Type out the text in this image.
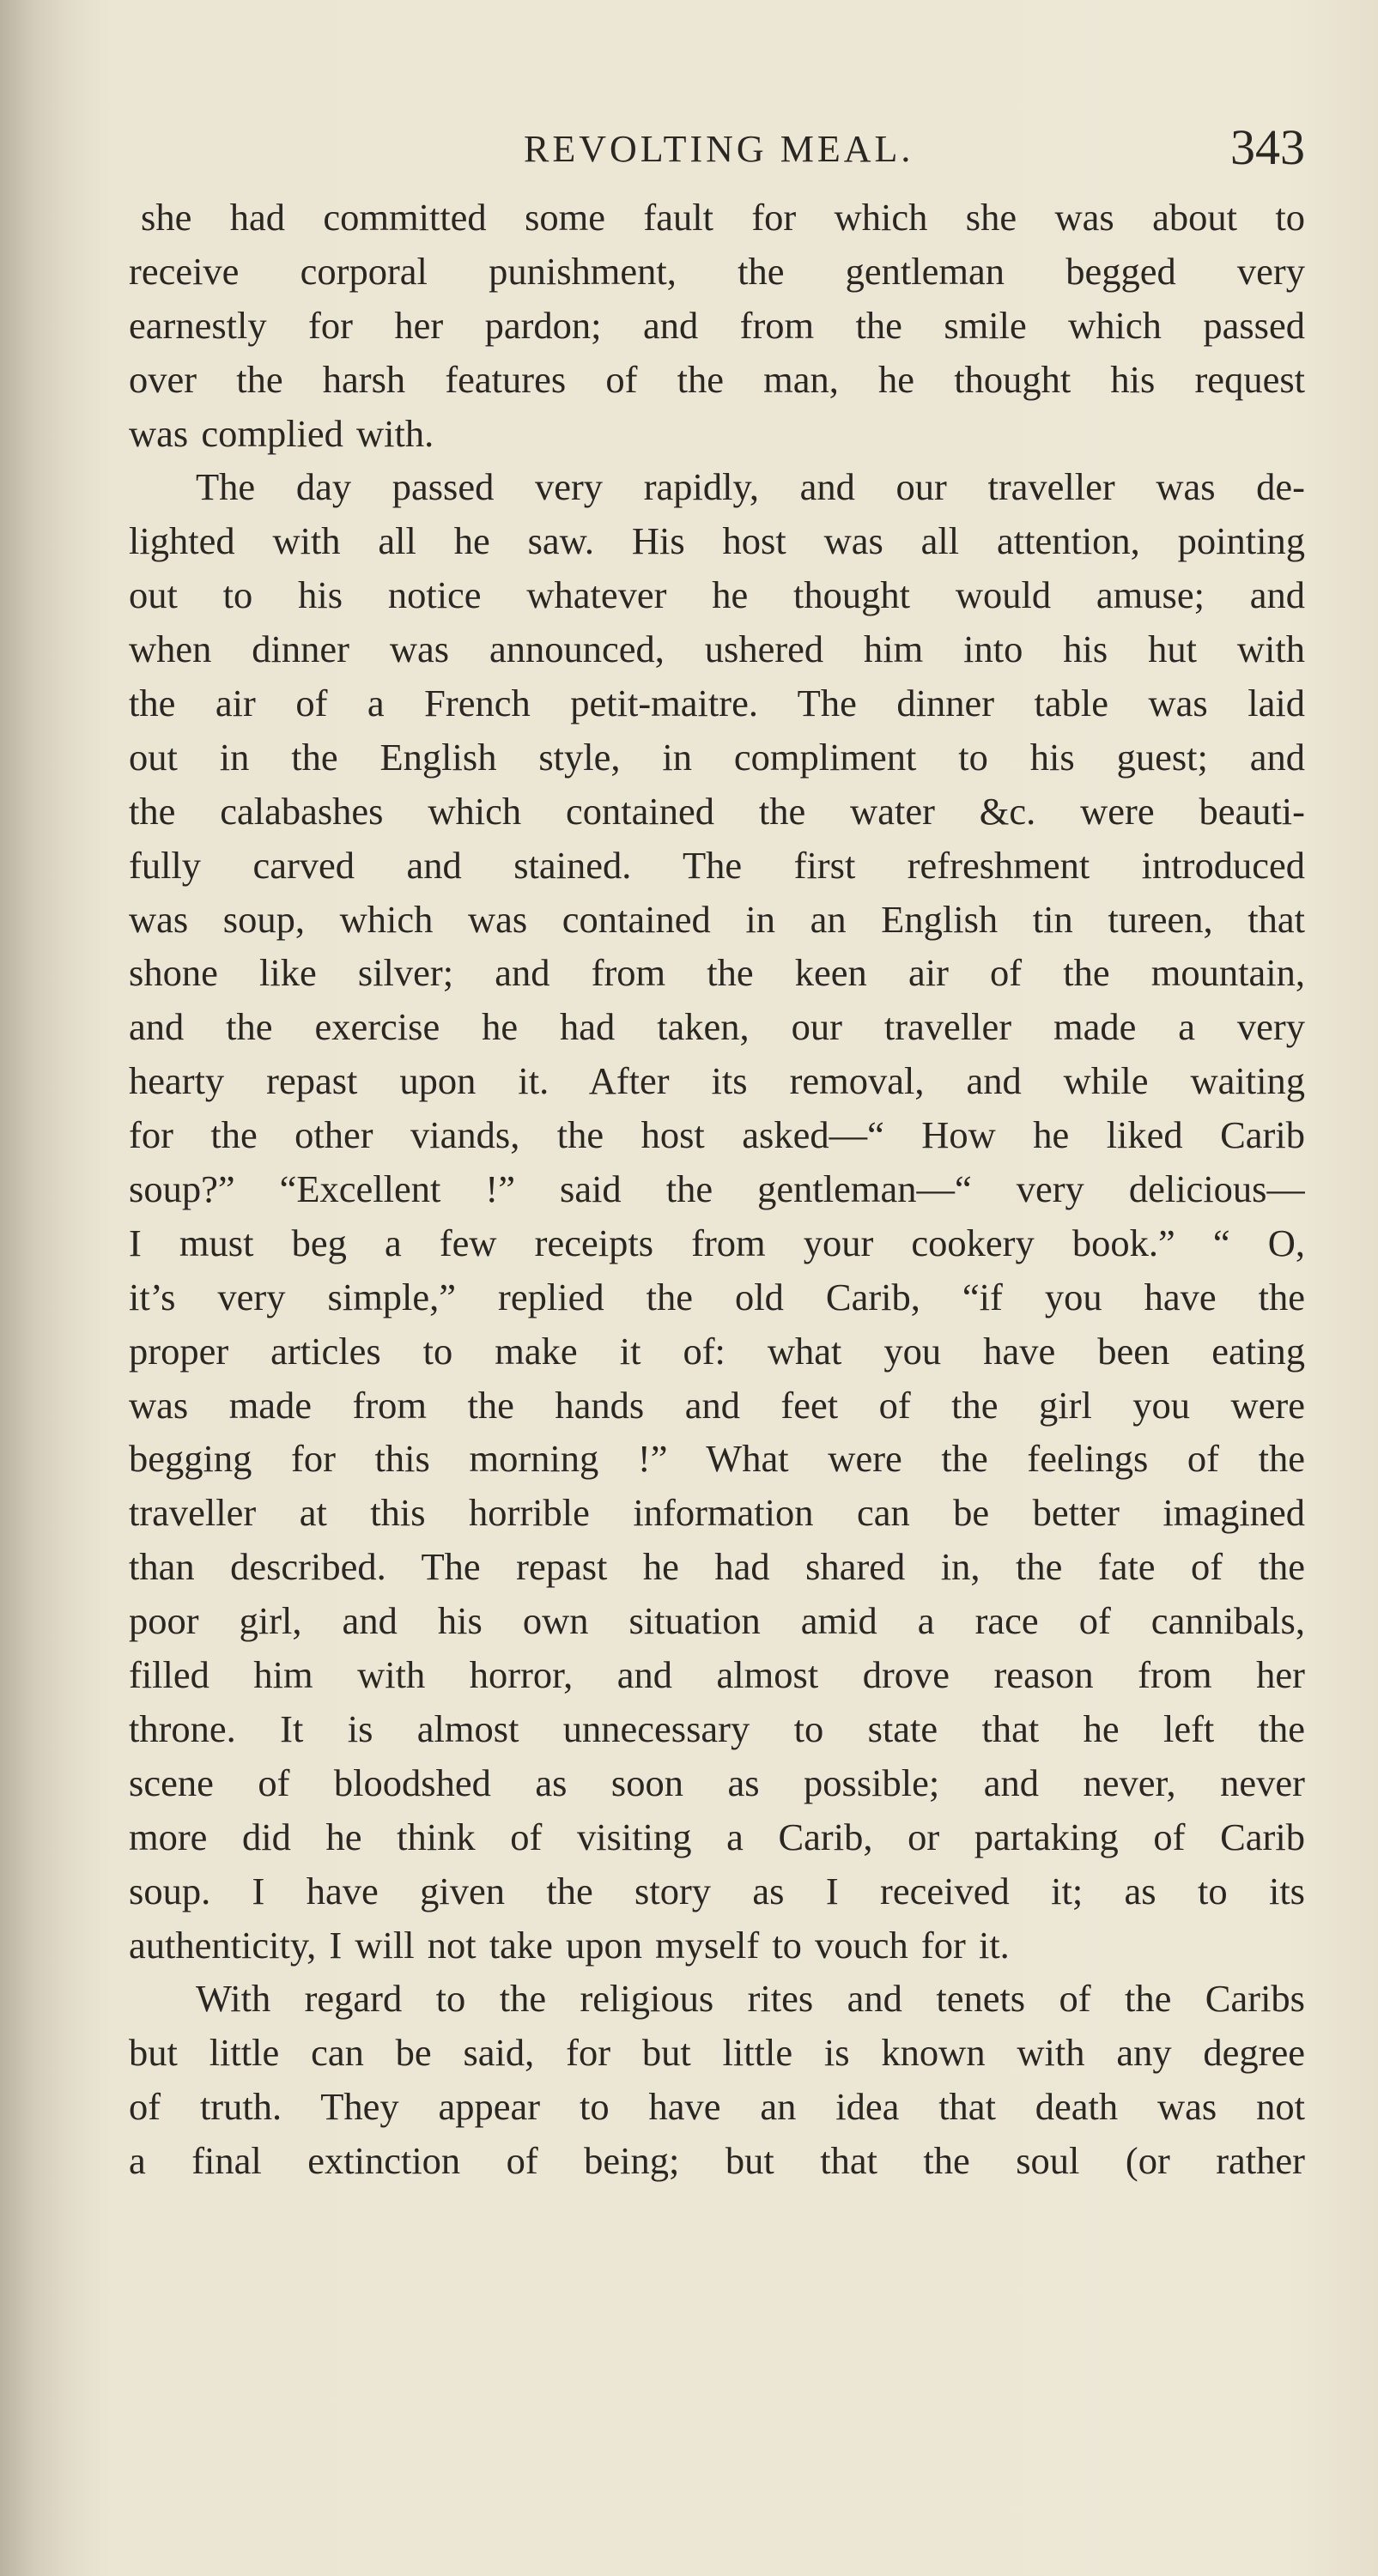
REVOLTING MEAL.	343
she had committed some fault for which she was about to
receive corporal punishment, the gentleman begged very
earnestly for her pardon; and from the smile which passed
over the harsh features of the man, he thought his request
was complied with.
The day passed very rapidly, and our traveller was de-
lighted with all he saw. His host was all attention, pointing
out to his notice whatever he thought would amuse; and
when dinner was announced, ushered him into his hut with
the air of a French petit-maitre. The dinner table was laid
out in the English style, in compliment to his guest; and
the calabashes which contained the water &c. were beauti-
fully carved and stained. The first refreshment introduced
was soup, which was contained in an English tin tureen, that
shone like silver; and from the keen air of the mountain,
and the exercise he had taken, our traveller made a very
hearty repast upon it. After its removal, and while waiting
for the other viands, the host asked—“ How he liked Carib
soup?” “Excellent !” said the gentleman—“ very delicious—
I must beg a few receipts from your cookery book.” “ O,
it’s very simple,” replied the old Carib, “if you have the
proper articles to make it of: what you have been eating
was made from the hands and feet of the girl you were
begging for this morning !” What were the feelings of the
traveller at this horrible information can be better imagined
than described. The repast he had shared in, the fate of the
poor girl, and his own situation amid a race of cannibals,
filled him with horror, and almost drove reason from her
throne. It is almost unnecessary to state that he left the
scene of bloodshed as soon as possible; and never, never
more did he think of visiting a Carib, or partaking of Carib
soup. I have given the story as I received it; as to its
authenticity, I will not take upon myself to vouch for it.
With regard to the religious rites and tenets of the Caribs
but little can be said, for but little is known with any degree
of truth. They appear to have an idea that death was not
a final extinction of being; but that the soul (or rather
